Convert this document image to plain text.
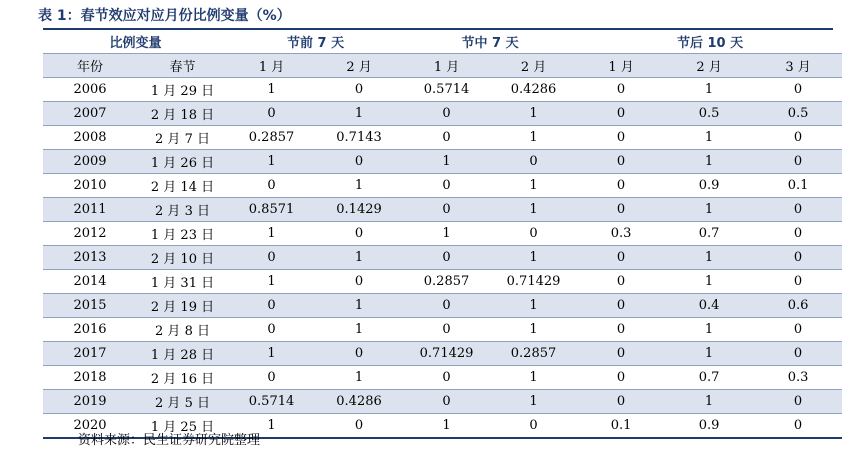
表 1：春节效应对应月份比例变量（%）
比例变量		节前 7 天		节中 7 天		节后 10 天		
年份	春节	1 月	2 月	1 月	2 月	1 月	2 月	3 月
2006	1 月 29 日	1	0	0.5714	0.4286	0	1	0
2007	2 月 18 日	0	1	0	1	0	0.5	0.5
2008	2 月 7 日	0.2857	0.7143	0	1	0	1	0
2009	1 月 26 日	1	0	1	0	0	1	0
2010	2 月 14 日	0	1	0	1	0	0.9	0.1
2011	2 月 3 日	0.8571	0.1429	0	1	0	1	0
2012	1 月 23 日	1	0	1	0	0.3	0.7	0
2013	2 月 10 日	0	1	0	1	0	1	0
2014	1 月 31 日	1	0	0.2857	0.71429	0	1	0
2015	2 月 19 日	0	1	0	1	0	0.4	0.6
2016	2 月 8 日	0	1	0	1	0	1	0
2017	1 月 28 日	1	0	0.71429	0.2857	0	1	0
2018	2 月 16 日	0	1	0	1	0	0.7	0.3
2019	2 月 5 日	0.5714	0.4286	0	1	0	1	0
2020	1 月 25 日	1	0	1	0	0.1	0.9	0
资料来源：民生证券研究院整理
